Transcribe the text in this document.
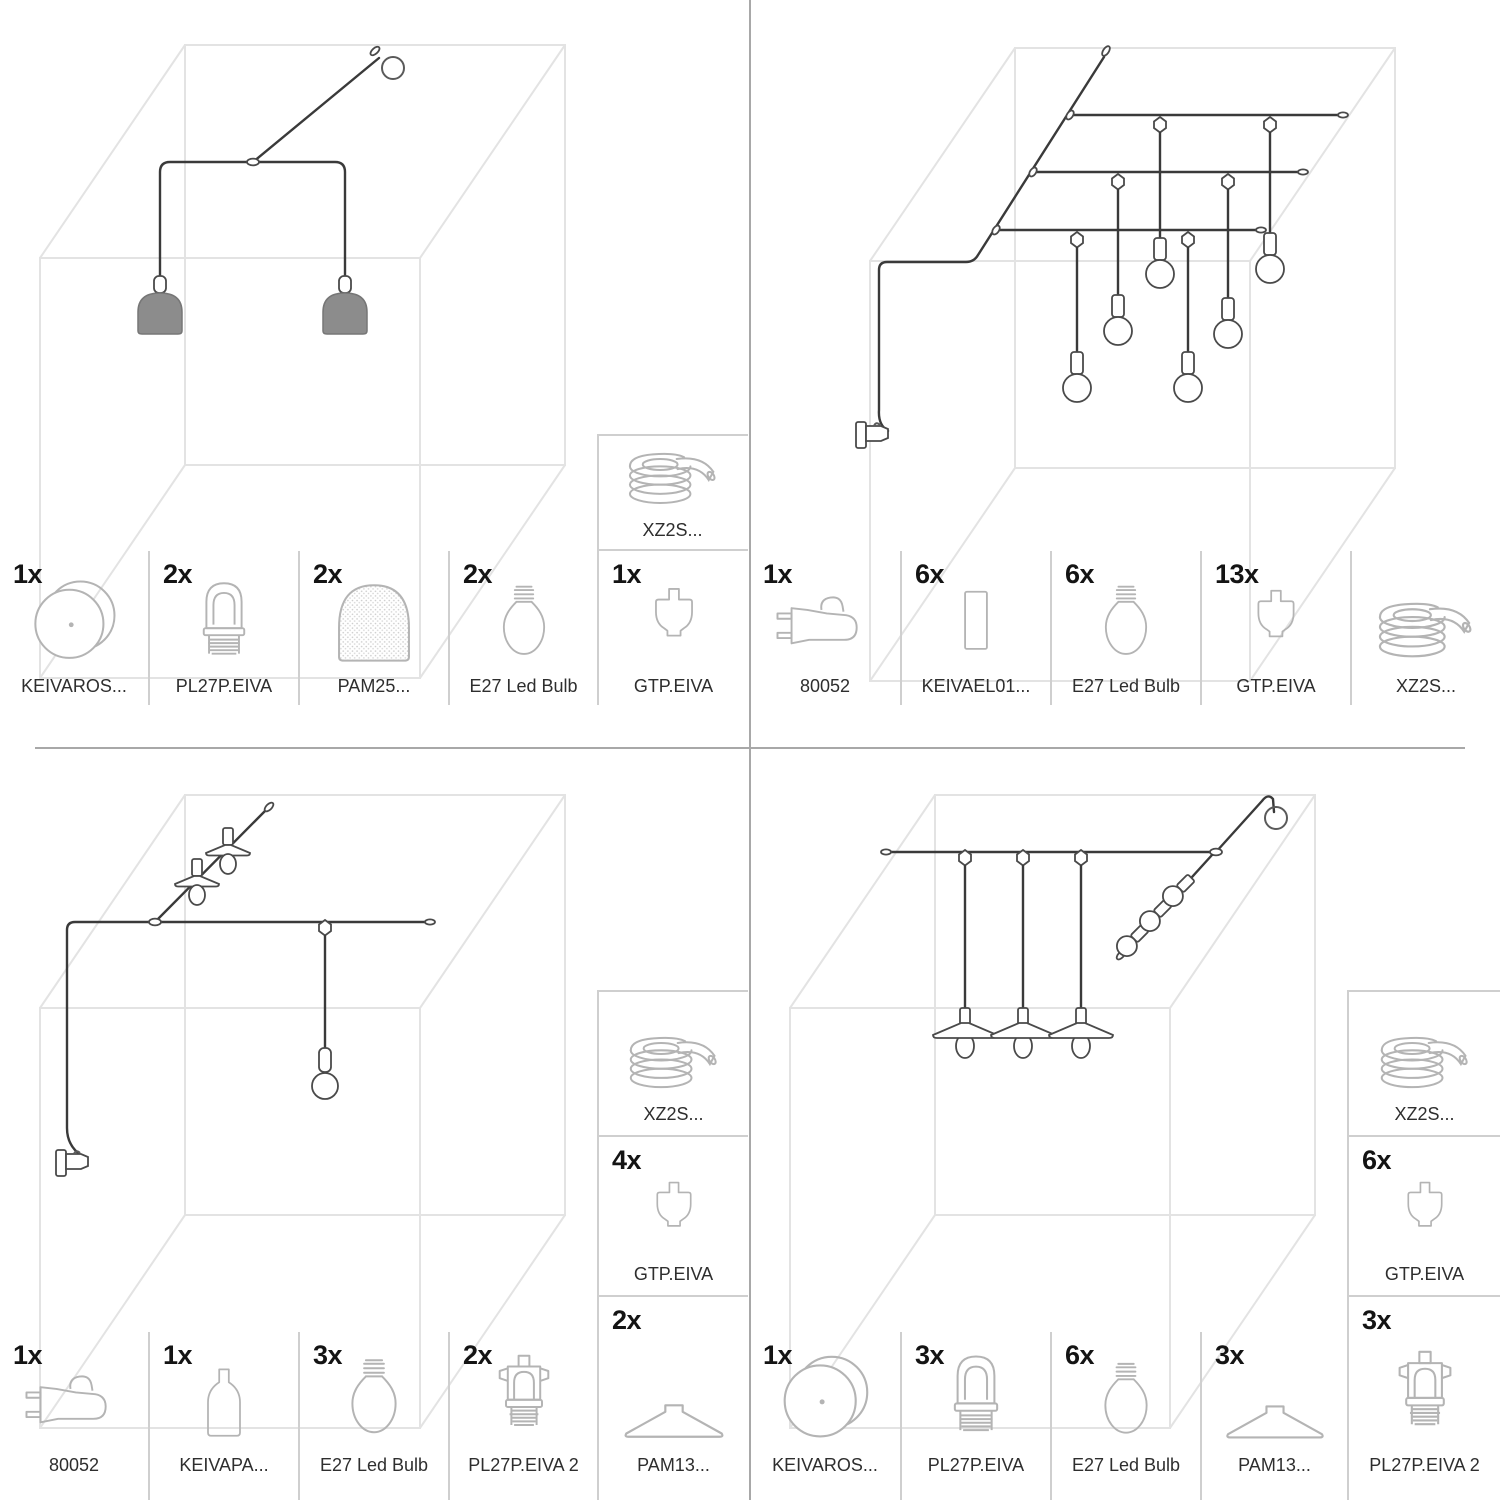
XZ2S...
1x
KEIVAROS...
2x
PL27P.EIVA
2x
PAM25...
2x
E27 Led Bulb
1x
GTP.EIVA
1x
80052
6x
KEIVAEL01...
6x
E27 Led Bulb
13x
GTP.EIVA	XZ2S...
1x
80052
1x
KEIVAPA...
3x
E27 Led Bulb
2x
PL27P.EIVA 2
XZ2S...
4x
GTP.EIVA
2x
PAM13...
1x
KEIVAROS...
3x
PL27P.EIVA
6x
E27 Led Bulb
3x
PAM13...
XZ2S...
6x
GTP.EIVA
3x
PL27P.EIVA 2
